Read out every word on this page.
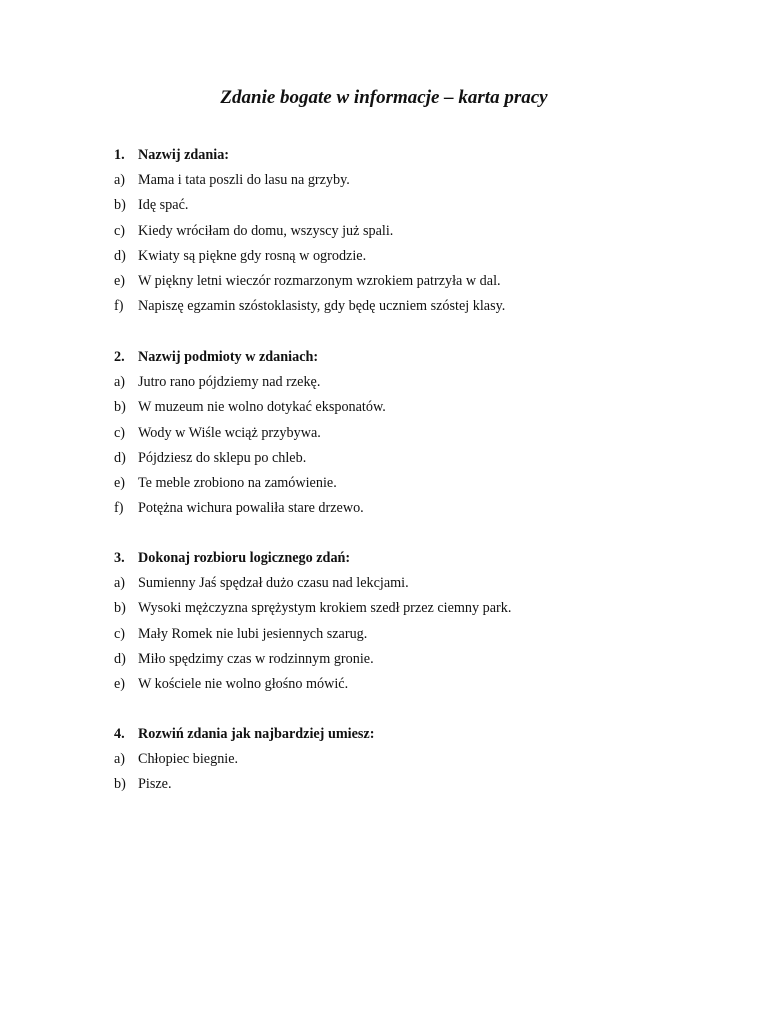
Zdanie bogate w informacje – karta pracy
1. Nazwij zdania:
a) Mama i tata poszli do lasu na grzyby.
b) Idę spać.
c) Kiedy wróciłam do domu, wszyscy już spali.
d) Kwiaty są piękne gdy rosną w ogrodzie.
e) W piękny letni wieczór rozmarzonym wzrokiem patrzyła w dal.
f)	Napiszę egzamin szóstoklasisty, gdy będę uczniem szóstej klasy.
2. Nazwij podmioty w zdaniach:
a) Jutro rano pójdziemy nad rzekę.
b) W muzeum nie wolno dotykać eksponatów.
c) Wody w Wiśle wciąż przybywa.
d) Pójdziesz do sklepu po chleb.
e) Te meble zrobiono na zamówienie.
f)	Potężna wichura powaliła stare drzewo.
3. Dokonaj rozbioru logicznego zdań:
a) Sumienny Jaś spędzał dużo czasu nad lekcjami.
b) Wysoki mężczyzna sprężystym krokiem szedł przez ciemny park.
c) Mały Romek nie lubi jesiennych szarug.
d) Miło spędzimy czas w rodzinnym gronie.
e) W kościele nie wolno głośno mówić.
4. Rozwiń zdania jak najbardziej umiesz:
a) Chłopiec biegnie.
b) Pisze.
